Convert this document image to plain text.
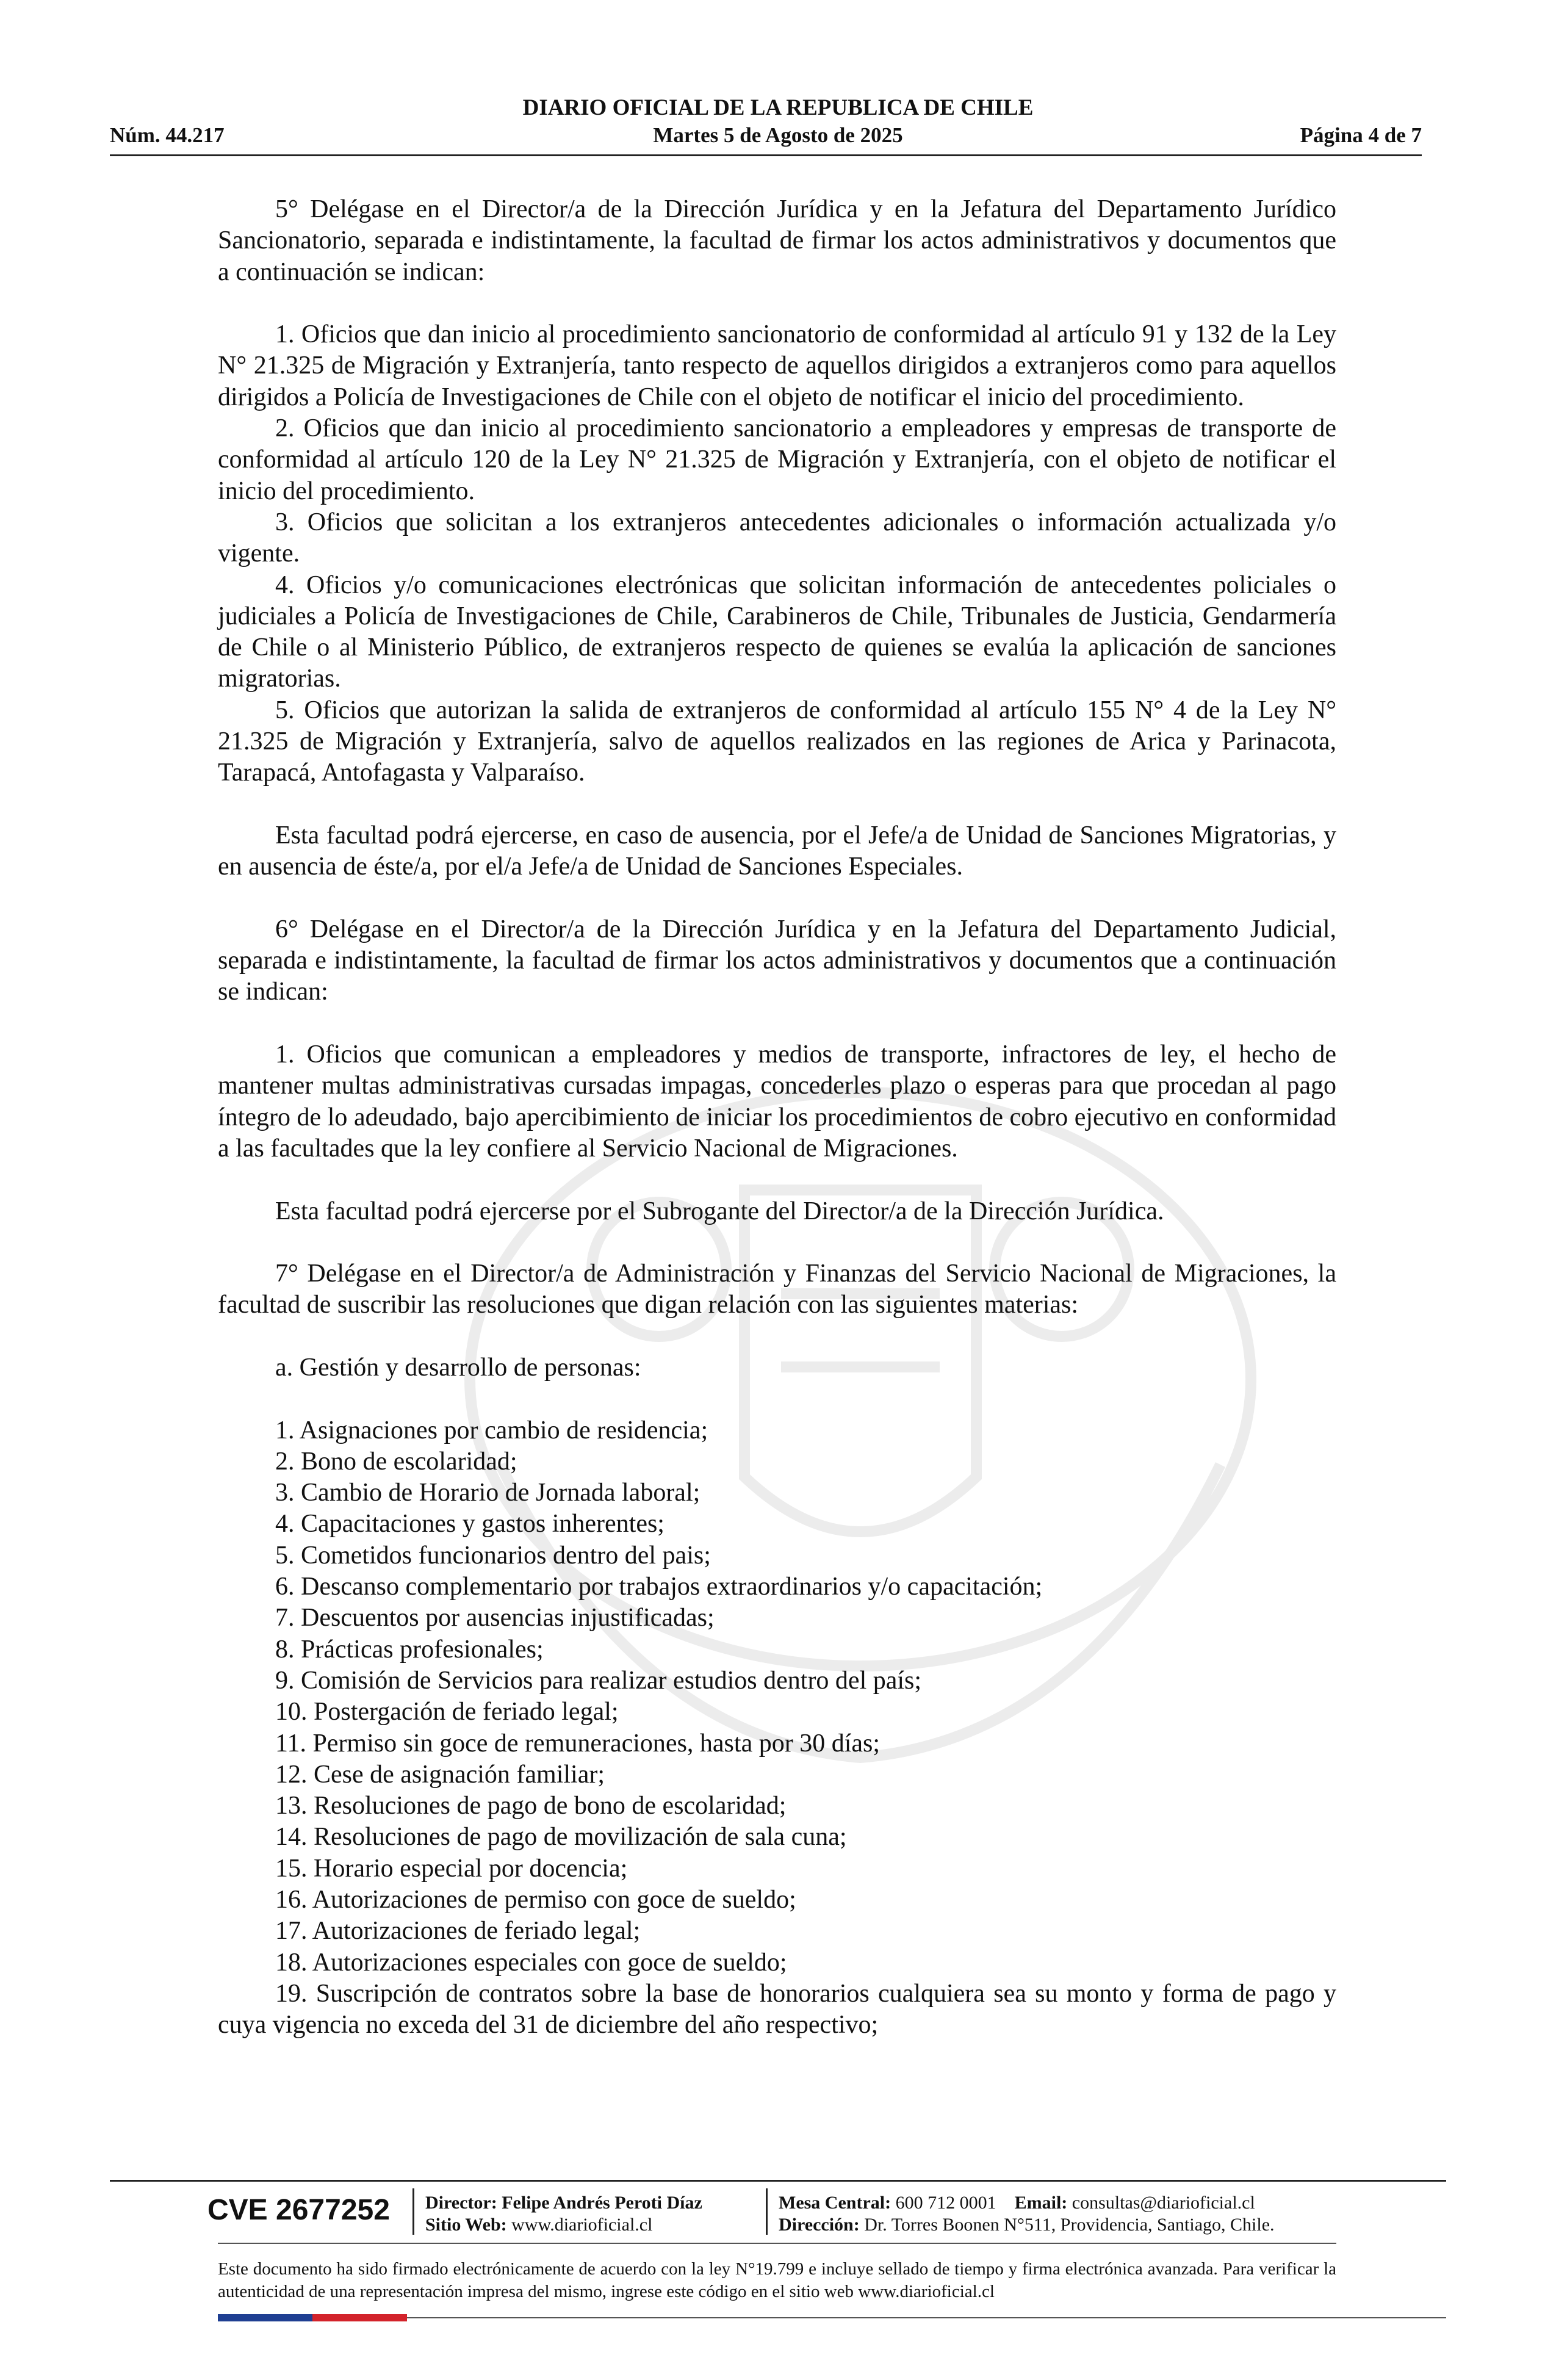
DIARIO OFICIAL DE LA REPUBLICA DE CHILE
Núm. 44.217	Martes 5 de Agosto de 2025	Página 4 de 7

5° Delégase en el Director/a de la Dirección Jurídica y en la Jefatura del Departamento Jurídico Sancionatorio, separada e indistintamente, la facultad de firmar los actos administrativos y documentos que a continuación se indican:

1. Oficios que dan inicio al procedimiento sancionatorio de conformidad al artículo 91 y 132 de la Ley N° 21.325 de Migración y Extranjería, tanto respecto de aquellos dirigidos a extranjeros como para aquellos dirigidos a Policía de Investigaciones de Chile con el objeto de notificar el inicio del procedimiento.

2. Oficios que dan inicio al procedimiento sancionatorio a empleadores y empresas de transporte de conformidad al artículo 120 de la Ley N° 21.325 de Migración y Extranjería, con el objeto de notificar el inicio del procedimiento.

3. Oficios que solicitan a los extranjeros antecedentes adicionales o información actualizada y/o vigente.

4. Oficios y/o comunicaciones electrónicas que solicitan información de antecedentes policiales o judiciales a Policía de Investigaciones de Chile, Carabineros de Chile, Tribunales de Justicia, Gendarmería de Chile o al Ministerio Público, de extranjeros respecto de quienes se evalúa la aplicación de sanciones migratorias.

5. Oficios que autorizan la salida de extranjeros de conformidad al artículo 155 N° 4 de la Ley N° 21.325 de Migración y Extranjería, salvo de aquellos realizados en las regiones de Arica y Parinacota, Tarapacá, Antofagasta y Valparaíso.

Esta facultad podrá ejercerse, en caso de ausencia, por el Jefe/a de Unidad de Sanciones Migratorias, y en ausencia de éste/a, por el/a Jefe/a de Unidad de Sanciones Especiales.

6° Delégase en el Director/a de la Dirección Jurídica y en la Jefatura del Departamento Judicial, separada e indistintamente, la facultad de firmar los actos administrativos y documentos que a continuación se indican:

1. Oficios que comunican a empleadores y medios de transporte, infractores de ley, el hecho de mantener multas administrativas cursadas impagas, concederles plazo o esperas para que procedan al pago íntegro de lo adeudado, bajo apercibimiento de iniciar los procedimientos de cobro ejecutivo en conformidad a las facultades que la ley confiere al Servicio Nacional de Migraciones.

Esta facultad podrá ejercerse por el Subrogante del Director/a de la Dirección Jurídica.

7° Delégase en el Director/a de Administración y Finanzas del Servicio Nacional de Migraciones, la facultad de suscribir las resoluciones que digan relación con las siguientes materias:

a. Gestión y desarrollo de personas:

1. Asignaciones por cambio de residencia;

2. Bono de escolaridad;

3. Cambio de Horario de Jornada laboral;

4. Capacitaciones y gastos inherentes;

5. Cometidos funcionarios dentro del pais;

6. Descanso complementario por trabajos extraordinarios y/o capacitación;

7. Descuentos por ausencias injustificadas;

8. Prácticas profesionales;

9. Comisión de Servicios para realizar estudios dentro del país;

10. Postergación de feriado legal;

11. Permiso sin goce de remuneraciones, hasta por 30 días;

12. Cese de asignación familiar;

13. Resoluciones de pago de bono de escolaridad;

14. Resoluciones de pago de movilización de sala cuna;

15. Horario especial por docencia;

16. Autorizaciones de permiso con goce de sueldo;

17. Autorizaciones de feriado legal;

18. Autorizaciones especiales con goce de sueldo;

19. Suscripción de contratos sobre la base de honorarios cualquiera sea su monto y forma de pago y cuya vigencia no exceda del 31 de diciembre del año respectivo;

CVE 2677252 Director: Felipe Andrés Peroti Díaz
Sitio Web: www.diarioficial.cl
Mesa Central: 600 712 0001 Email: consultas@diarioficial.cl
Dirección: Dr. Torres Boonen N°511, Providencia, Santiago, Chile.
Este documento ha sido firmado electrónicamente de acuerdo con la ley N°19.799 e incluye sellado de tiempo y firma electrónica avanzada. Para verificar la autenticidad de una representación impresa del mismo, ingrese este código en el sitio web www.diarioficial.cl
